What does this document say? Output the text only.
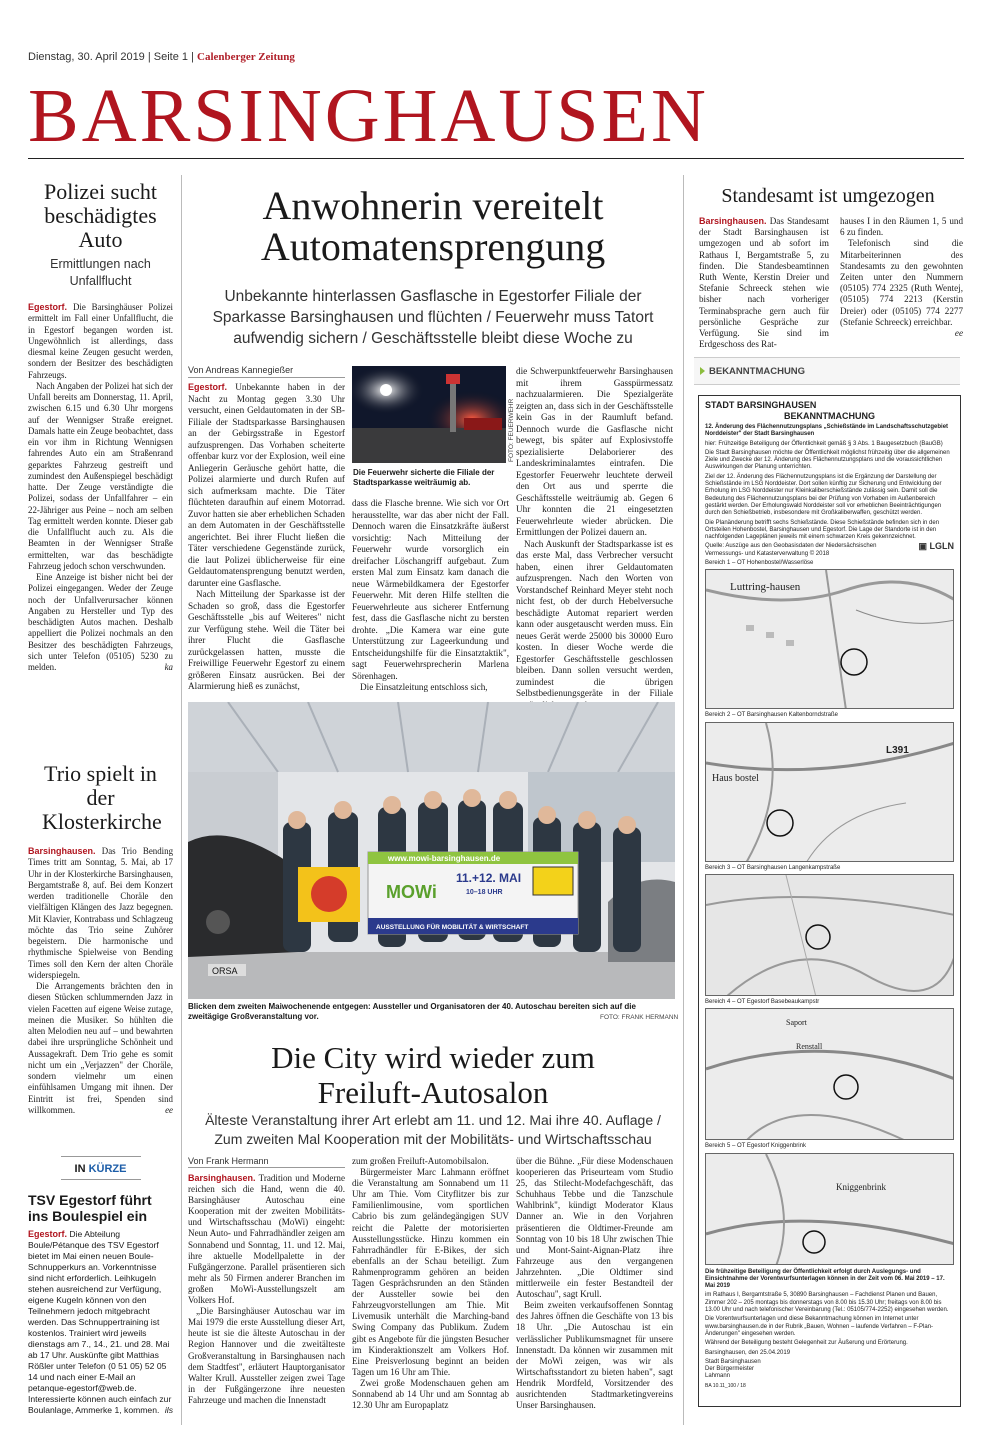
Dienstag, 30. April 2019 | Seite 1 | Calenberger Zeitung
BARSINGHAUSEN
Polizei sucht beschädigtes Auto
Ermittlungen nach Unfallflucht

Egestorf. Die Barsinghäuser Polizei ermittelt im Fall einer Unfallflucht, die in Egestorf begangen worden ist. Ungewöhnlich ist allerdings, dass diesmal keine Zeugen gesucht werden, sondern der Besitzer des beschädigten Fahrzeugs.

Nach Angaben der Polizei hat sich der Unfall bereits am Donnerstag, 11. April, zwischen 6.15 und 6.30 Uhr morgens auf der Wennigser Straße ereignet. Damals hatte ein Zeuge beobachtet, dass ein vor ihm in Richtung Wennigsen fahrendes Auto ein am Straßenrand geparktes Fahrzeug gestreift und zumindest den Außenspiegel beschädigt hatte. Der Zeuge verständigte die Polizei, sodass der Unfallfahrer – ein 22-Jähriger aus Peine – noch am selben Tag ermittelt werden konnte. Dieser gab die Unfallflucht auch zu. Als die Beamten in der Wennigser Straße ermittelten, war das beschädigte Fahrzeug jedoch schon verschwunden.

Eine Anzeige ist bisher nicht bei der Polizei eingegangen. Weder der Zeuge noch der Unfallverursacher können Angaben zu Hersteller und Typ des beschädigten Autos machen. Deshalb appelliert die Polizei nochmals an den Besitzer des beschädigten Fahrzeugs, sich unter Telefon (05105) 5230 zu melden.	ka

Trio spielt in der Klosterkirche

Barsinghausen. Das Trio Bending Times tritt am Sonntag, 5. Mai, ab 17 Uhr in der Klosterkirche Barsinghausen, Bergamtstraße 8, auf. Bei dem Konzert werden traditionelle Choräle den vielfältigen Klängen des Jazz begegnen. Mit Klavier, Kontrabass und Schlagzeug möchte das Trio seine Zuhörer begeistern. Die harmonische und rhythmische Spielweise von Bending Times soll den Kern der alten Choräle widerspiegeln.

Die Arrangements brächten den in diesen Stücken schlummernden Jazz in vielen Facetten auf eigene Weise zutage, meinen die Musiker. So hühlten die alten Melodien neu auf – und bewahrten dabei ihre ursprüngliche Schönheit und Aussagekraft. Dem Trio gehe es somit nicht um ein „Verjazzen" der Choräle, sondern vielmehr um einen einfühlsamen Umgang mit ihnen. Der Eintritt ist frei, Spenden sind willkommen.	ee

IN KÜRZE
TSV Egestorf führt ins Boulespiel ein
Egestorf. Die Abteilung Boule/Pétanque des TSV Egestorf bietet im Mai einen neuen Boule-Schnupperkurs an. Vorkenntnisse sind nicht erforderlich. Leihkugeln stehen ausreichend zur Verfügung, eigene Kugeln können von den Teilnehmern jedoch mitgebracht werden. Das Schnuppertraining ist kostenlos. Trainiert wird jeweils dienstags am 7., 14., 21. und 28. Mai ab 17 Uhr. Auskünfte gibt Matthias Rößler unter Telefon (0 51 05) 52 05 14 und nach einer E-Mail an petanque-egestorf@web.de. Interessierte können auch einfach zur Boulanlage, Ammerke 1, kommen. ils
Anwohnerin vereitelt Automatensprengung
Unbekannte hinterlassen Gasflasche in Egestorfer Filiale der Sparkasse Barsinghausen und flüchten / Feuerwehr muss Tatort aufwendig sichern / Geschäftsstelle bleibt diese Woche zu
Von Andreas Kannegießer

Egestorf. Unbekannte haben in der Nacht zu Montag gegen 3.30 Uhr versucht, einen Geldautomaten in der SB-Filiale der Stadtsparkasse Barsinghausen an der Gebirgsstraße in Egestorf aufzusprengen. Das Vorhaben scheiterte offenbar kurz vor der Explosion, weil eine Anliegerin Geräusche gehört hatte, die Polizei alarmierte und durch Rufen auf sich aufmerksam machte. Die Täter flüchteten daraufhin auf einem Motorrad. Zuvor hatten sie aber erheblichen Schaden an dem Automaten in der Geschäftsstelle angerichtet. Bei ihrer Flucht ließen die Täter verschiedene Gegenstände zurück, die laut Polizei üblicherweise für eine Geldautomatensprengung benutzt werden, darunter eine Gasflasche.

Nach Mitteilung der Sparkasse ist der Schaden so groß, dass die Egestorfer Geschäftsstelle „bis auf Weiteres" nicht zur Verfügung stehe. Weil die Täter bei ihrer Flucht die Gasflasche zurückgelassen hatten, musste die Freiwillige Feuerwehr Egestorf zu einem größeren Einsatz ausrücken. Bei der Alarmierung hieß es zunächst,

FOTO: FEUERWEHR
Die Feuerwehr sicherte die Filiale der Stadtsparkasse weiträumig ab.

dass die Flasche brenne. Wie sich vor Ort herausstellte, war das aber nicht der Fall. Dennoch waren die Einsatzkräfte äußerst vorsichtig: Nach Mitteilung der Feuerwehr wurde vorsorglich ein dreifacher Löschangriff aufgebaut. Zum ersten Mal zum Einsatz kam danach die neue Wärmebildkamera der Egestorfer Feuerwehr. Mit deren Hilfe stellten die Feuerwehrleute aus sicherer Entfernung fest, dass die Gasflasche nicht zu bersten drohte. „Die Kamera war eine gute Unterstützung zur Lageerkundung und Entscheidungshilfe für die Einsatztaktik", sagt Feuerwehrsprecherin Marlena Sörenhagen.

Die Einsatzleitung entschloss sich,

die Schwerpunktfeuerwehr Barsinghausen mit ihrem Gasspürmessatz nachzualarmieren. Die Spezialgeräte zeigten an, dass sich in der Geschäftsstelle kein Gas in der Raumluft befand. Dennoch wurde die Gasflasche nicht bewegt, bis später auf Explosivstoffe spezialisierte Delaborierer des Landeskriminalamtes eintrafen. Die Egestorfer Feuerwehr leuchtete derweil den Ort aus und sperrte die Geschäftsstelle weiträumig ab. Gegen 6 Uhr konnten die 21 eingesetzten Feuerwehrleute wieder abrücken. Die Ermittlungen der Polizei dauern an.

Nach Auskunft der Stadtsparkasse ist es das erste Mal, dass Verbrecher versucht haben, einen ihrer Geldautomaten aufzusprengen. Nach den Worten von Vorstandschef Reinhard Meyer steht noch nicht fest, ob der durch Hebelversuche beschädigte Automat repariert werden kann oder ausgetauscht werden muss. Ein neues Gerät werde 25000 bis 30000 Euro kosten. In dieser Woche werde die Egestorfer Geschäftsstelle geschlossen bleiben. Dann sollen versucht werden, zumindest die übrigen Selbstbedienungsgeräte in der Filiale

ORSA
www.mowi-barsinghausen.de
MOWi
11.+12. MAI
10–18 UHR
AUSSTELLUNG FÜR MOBILITÄT & WIRTSCHAFT
Blicken dem zweiten Maiwochenende entgegen: Aussteller und Organisatoren der 40. Autoschau bereiten sich auf die zweitägige Großveranstaltung vor.	FOTO: FRANK HERMANN
Die City wird wieder zum Freiluft-Autosalon
Älteste Veranstaltung ihrer Art erlebt am 11. und 12. Mai ihre 40. Auflage / Zum zweiten Mal Kooperation mit der Mobilitäts- und Wirtschaftsschau
Von Frank Hermann

Barsinghausen. Tradition und Moderne reichen sich die Hand, wenn die 40. Barsinghäuser Autoschau eine Kooperation mit der zweiten Mobilitäts- und Wirtschaftsschau (MoWi) eingeht: Neun Auto- und Fahrradhändler zeigen am Sonnabend und Sonntag, 11. und 12. Mai, ihre aktuelle Modellpalette in der Fußgängerzone. Parallel präsentieren sich mehr als 50 Firmen anderer Branchen im großen MoWi-Ausstellungszelt am Volkers Hof.

„Die Barsinghäuser Autoschau war im Mai 1979 die erste Ausstellung dieser Art, heute ist sie die älteste Autoschau in der Region Hannover und die zweitälteste Großveranstaltung in Barsinghausen nach dem Stadtfest", erläutert Hauptorganisator Walter Krull. Aussteller zeigen zwei Tage in der Fußgängerzone ihre neuesten Fahrzeuge und machen die Innenstadt

zum großen Freiluft-Automobilsalon.

Bürgermeister Marc Lahmann eröffnet die Veranstaltung am Sonnabend um 11 Uhr am Thie. Vom Cityflitzer bis zur Familienlimousine, vom sportlichen Cabrio bis zum geländegängigen SUV reicht die Palette der motorisierten Ausstellungsstücke. Hinzu kommen ein Fahrradhändler für E-Bikes, der sich ebenfalls an der Schau beteiligt. Zum Rahmenprogramm gehören an beiden Tagen Gesprächsrunden an den Ständen der Aussteller sowie bei den Fahrzeugvorstellungen am Thie. Mit Livemusik unterhält die Marching-band Swing Company das Publikum. Zudem gibt es Angebote für die jüngsten Besucher im Kinderaktionszelt am Volkers Hof. Eine Preisverlosung beginnt an beiden Tagen um 16 Uhr am Thie.

Zwei große Modenschauen gehen am Sonnabend ab 14 Uhr und am Sonntag ab 12.30 Uhr am Europaplatz

über die Bühne. „Für diese Modenschauen kooperieren das Priseurteam vom Studio 25, das Stilecht-Modefachgeschäft, das Schuhhaus Tebbe und die Tanzschule Wahlbrink", kündigt Moderator Klaus Danner an. Wie in den Vorjahren präsentieren die Oldtimer-Freunde am Sonntag von 10 bis 18 Uhr zwischen Thie und Mont-Saint-Aignan-Platz ihre Fahrzeuge aus den vergangenen Jahrzehnten. „Die Oldtimer sind mittlerweile ein fester Bestandteil der Autoschau", sagt Krull.

Beim zweiten verkaufsoffenen Sonntag des Jahres öffnen die Geschäfte von 13 bis 18 Uhr. „Die Autoschau ist ein verlässlicher Publikumsmagnet für unsere Innenstadt. Da können wir zusammen mit der MoWi zeigen, was wir als Wirtschaftsstandort zu bieten haben", sagt Hendrik Mordfeld, Vorsitzender des ausrichtenden Stadtmarketingvereins Unser Barsinghausen.

Standesamt ist umgezogen

Barsinghausen. Das Standesamt der Stadt Barsinghausen ist umgezogen und ab sofort im Rathaus I, Bergamtstraße 5, zu finden. Die Standesbeamtinnen Ruth Wente, Kerstin Dreier und Stefanie Schreeck stehen wie bisher nach vorheriger Terminabsprache gern auch für persönliche Gespräche zur Verfügung. Sie sind im Erdgeschoss des Rat-

hauses I in den Räumen 1, 5 und 6 zu finden.

Telefonisch sind die Mitarbeiterinnen des Standesamts zu den gewohnten Zeiten unter den Nummern (05105) 774 2325 (Ruth Wentej, (05105) 774 2213 (Kerstin Dreier) oder (05105) 774 2277 (Stefanie Schreeck) erreichbar.
ee

BEKANNTMACHUNG
STADT BARSINGHAUSEN
BEKANNTMACHUNG
12. Änderung des Flächennutzungsplans „Schießstände im Landschaftsschutzgebiet Norddeister" der Stadt Barsinghausen
hier: Frühzeitige Beteiligung der Öffentlichkeit gemäß § 3 Abs. 1 Baugesetzbuch (BauGB)
Die Stadt Barsinghausen möchte der Öffentlichkeit möglichst frühzeitig über die allgemeinen Ziele und Zwecke der 12. Änderung des Flächennutzungsplans und die voraussichtlichen Auswirkungen der Planung unterrichten.
Ziel der 12. Änderung des Flächennutzungsplans ist die Ergänzung der Darstellung der Schießstände im LSG Norddeister. Dort sollen künftig zur Sicherung und Entwicklung der Erholung im LSG Norddeister nur Kleinkaliberschießstände zulässig sein. Damit soll die Bedeutung des Flächennutzungsplans bei der Prüfung von Vorhaben im Außenbereich gestärkt werden. Der Erholungswald Norddeister soll vor erheblichen Beeinträchtigungen durch den Schießbetrieb, insbesondere mit Großkaliberwaffen, geschützt werden.
Die Planänderung betrifft sechs Schießstände. Diese Schießstände befinden sich in den Ortsteilen Hohenbostel, Barsinghausen und Egestorf. Die Lage der Standorte ist in den nachfolgenden Lageplänen jeweils mit einem schwarzen Kreis gekennzeichnet.
Quelle: Auszüge aus den Geobasisdaten der Niedersächsischen Vermessungs- und Katasterverwaltung © 2018
▣ LGLN
Bereich 1 – OT Hohenbostel/Wasserlöse
Luttring-hausen
Bereich 2 – OT Barsinghausen Kaltenborndstraße
L391
Haus bostel
Bereich 3 – OT Barsinghausen Langenkampstraße
Bereich 4 – OT Egestorf Basebeaukampstr
Saport
Renstall
Bereich 5 – OT Egestorf Kniggenbrink
Kniggenbrink
Die frühzeitige Beteiligung der Öffentlichkeit erfolgt durch Auslegungs- und Einsichtnahme der Vorentwurfsunterlagen können in der Zeit vom 06. Mai 2019 – 17. Mai 2019
im Rathaus I, Bergamtstraße 5, 30890 Barsinghausen – Fachdienst Planen und Bauen, Zimmer 202 – 205 montags bis donnerstags von 8.00 bis 15.30 Uhr; freitags von 8.00 bis 13.00 Uhr und nach telefonischer Vereinbarung (Tel.: 05105/774-2252) eingesehen werden.
Die Vorentwurfsunterlagen und diese Bekanntmachung können im Internet unter www.barsinghausen.de in der Rubrik „Bauen, Wohnen – laufende Verfahren – F-Plan-Änderungen" eingesehen werden.
Während der Beteiligung besteht Gelegenheit zur Äußerung und Erörterung.
Barsinghausen, den 25.04.2019
Stadt Barsinghausen
Der Bürgermeister
Lahmann
BA 10.11_100 / 18
